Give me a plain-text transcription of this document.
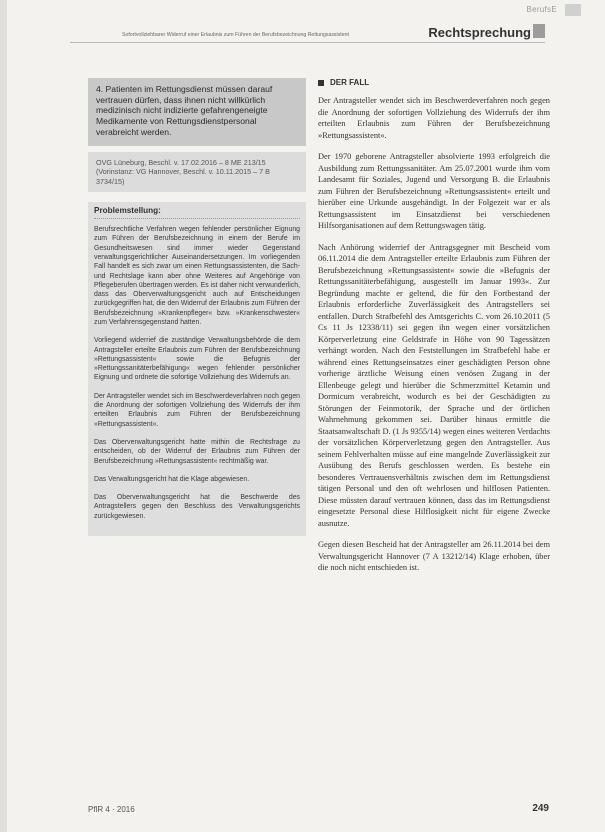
BerufsE
Sofortvollziehbarer Widerruf einer Erlaubnis zum Führen der Berufsbezeichnung Rettungsassistent	Rechtsprechung

4. Patienten im Rettungsdienst müssen darauf vertrauen dürfen, dass ihnen nicht willkürlich medizinisch nicht indizierte gefahrengeneigte Medikamente von Rettungsdienstpersonal verabreicht werden.

OVG Lüneburg, Beschl. v. 17.02.2016 – 8 ME 213/15
(Vorinstanz: VG Hannover, Beschl. v. 10.11.2015 – 7 B 3734/15)
Problemstellung:

Berufsrechtliche Verfahren wegen fehlender persönlicher Eignung zum Führen der Berufsbezeichnung in einem der Berufe im Gesundheitswesen sind immer wieder Gegenstand verwaltungsgerichtlicher Auseinandersetzungen. Im vorliegenden Fall handelt es sich zwar um einen Rettungsassistenten, die Sach- und Rechtslage kann aber ohne Weiteres auf Angehörige von Pflegeberufen übertragen werden. Es ist daher nicht verwunderlich, dass das Oberverwaltungsgericht auch auf Entscheidungen zurückgegriffen hat, die den Widerruf der Erlaubnis zum Führen der Berufsbezeichnung »Krankenpfleger« bzw. »Krankenschwester« zum Verfahrensgegenstand hatten.

Vorliegend widerrief die zuständige Verwaltungsbehörde die dem Antragsteller erteilte Erlaubnis zum Führen der Berufsbezeichnung »Rettungsassistent« sowie die Befugnis der »Rettungssanitäterbefähigung« wegen fehlender persönlicher Eignung und ordnete die sofortige Vollziehung des Widerrufs an.

Der Antragsteller wendet sich im Beschwerdeverfahren noch gegen die Anordnung der sofortigen Vollziehung des Widerrufs der ihm erteilten Erlaubnis zum Führen der Berufsbezeichnung »Rettungsassistent«.

Das Oberverwaltungsgericht hatte mithin die Rechtsfrage zu entscheiden, ob der Widerruf der Erlaubnis zum Führen der Berufsbezeichnung »Rettungsassistent« rechtmäßig war.

Das Verwaltungsgericht hat die Klage abgewiesen.

Das Oberverwaltungsgericht hat die Beschwerde des Antragstellers gegen den Beschluss des Verwaltungsgerichts zurückgewiesen.

DER FALL

Der Antragsteller wendet sich im Beschwerdeverfahren noch gegen die Anordnung der sofortigen Vollziehung des Widerrufs der ihm erteilten Erlaubnis zum Führen der Berufsbezeichnung »Rettungsassistent«.

Der 1970 geborene Antragsteller absolvierte 1993 erfolgreich die Ausbildung zum Rettungssanitäter. Am 25.07.2001 wurde ihm vom Landesamt für Soziales, Jugend und Versorgung B. die Erlaubnis zum Führen der Berufsbezeichnung »Rettungsassistent« erteilt und hierüber eine Urkunde ausgehändigt. In der Folgezeit war er als Rettungsassistent im Einsatzdienst bei verschiedenen Hilfsorganisationen auf dem Rettungswagen tätig.

Nach Anhörung widerrief der Antragsgegner mit Bescheid vom 06.11.2014 die dem Antragsteller erteilte Erlaubnis zum Führen der Berufsbezeichnung »Rettungsassistent« sowie die »Befugnis der Rettungssanitäterbefähigung, ausgestellt im Januar 1993«. Zur Begründung machte er geltend, die für den Fortbestand der Erlaubnis erforderliche Zuverlässigkeit des Antragstellers sei entfallen. Durch Strafbefehl des Amtsgerichts C. vom 26.10.2011 (5 Cs 11 Js 12338/11) sei gegen ihn wegen einer vorsätzlichen Körperverletzung eine Geldstrafe in Höhe von 90 Tagessätzen verhängt worden. Nach den Feststellungen im Strafbefehl habe er während eines Rettungseinsatzes einer geschädigten Person ohne vorherige ärztliche Weisung einen venösen Zugang in der Ellenbeuge gelegt und hierüber die Schmerzmittel Ketamin und Dormicum verabreicht, wodurch es bei der Geschädigten zu Störungen der Feinmotorik, der Sprache und der örtlichen Wahrnehmung gekommen sei. Darüber hinaus ermittle die Staatsanwaltschaft D. (1 Js 9355/14) wegen eines weiteren Verdachts der vorsätzlichen Körperverletzung gegen den Antragsteller. Aus seinem Fehlverhalten müsse auf eine mangelnde Zuverlässigkeit zur Ausübung des Berufs geschlossen werden. Es bestehe ein besonderes Vertrauensverhältnis zwischen dem im Rettungsdienst tätigen Personal und den oft wehrlosen und hilflosen Patienten. Diese müssten darauf vertrauen können, dass das im Rettungsdienst eingesetzte Personal diese Hilflosigkeit nicht für eigene Zwecke ausnutze.

Gegen diesen Bescheid hat der Antragsteller am 26.11.2014 bei dem Verwaltungsgericht Hannover (7 A 13212/14) Klage erhoben, über die noch nicht entschieden ist.

PflR 4 · 2016	249
